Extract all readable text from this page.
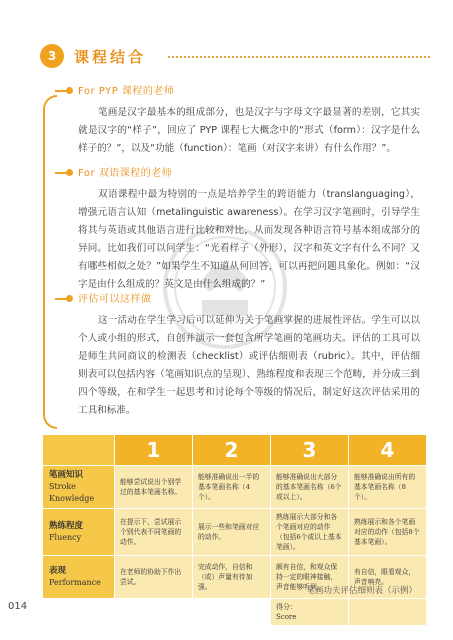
3	课程结合
For PYP 课程的老师

笔画是汉字最基本的组成部分，也是汉字与字母文字最显著的差别，它其实就是汉字的“样子”，回应了 PYP 课程七大概念中的“形式（form）：汉字是什么样子的？”，以及“功能（function）：笔画（对汉字来讲）有什么作用？”。

For 双语课程的老师

双语课程中最为特别的一点是培养学生的跨语能力（translanguaging），增强元语言认知（metalinguistic awareness）。在学习汉字笔画时，引导学生将其与英语或其他语言进行比较和对比，从而发现各种语言符号基本组成部分的异同。比如我们可以问学生：“光看样子（外形），汉字和英文字有什么不同？又有哪些相似之处？”如果学生不知道从何回答，可以再把问题具象化。例如：“汉字是由什么组成的？英文是由什么组成的？”

评估可以这样做

这一活动在学生学习后可以延伸为关于笔画掌握的进展性评估。学生可以以个人或小组的形式，自创并演示一套包含所学笔画的笔画功夫。评估的工具可以是师生共同商议的检测表（checklist）或评估细则表（rubric）。其中，评估细则表可以包括内容（笔画知识点的呈现）、熟练程度和表现三个范畴，并分成三到四个等级，在和学生一起思考和讨论每个等级的情况后，制定好这次评估采用的工具和标准。

	1	2	3	4
笔画知识
Stroke Knowledge	能够尝试说出个别学过的基本笔画名称。	能够准确说出一半的基本笔画名称（4个）。	能够准确说出大部分的基本笔画名称（6个或以上）。	能够准确说出所有的基本笔画名称（8个）。
熟练程度
Fluency	在提示下，尝试展示个别代表不同笔画的动作。	展示一些和笔画对应的动作。	熟练展示大部分和各个笔画对应的动作（包括6个或以上基本笔画）。	熟练展示和各个笔画对应的动作（包括8个基本笔画）。
表现
Performance	在老师的协助下作出尝试。	完成动作，自信和（或）声量有待加强。	颇有自信，和观众保持一定的眼神接触，声音能够听到。	有自信，眼看观众，声音响亮。
			得分：
Score	
笔画功夫评估细则表（示例）
014
